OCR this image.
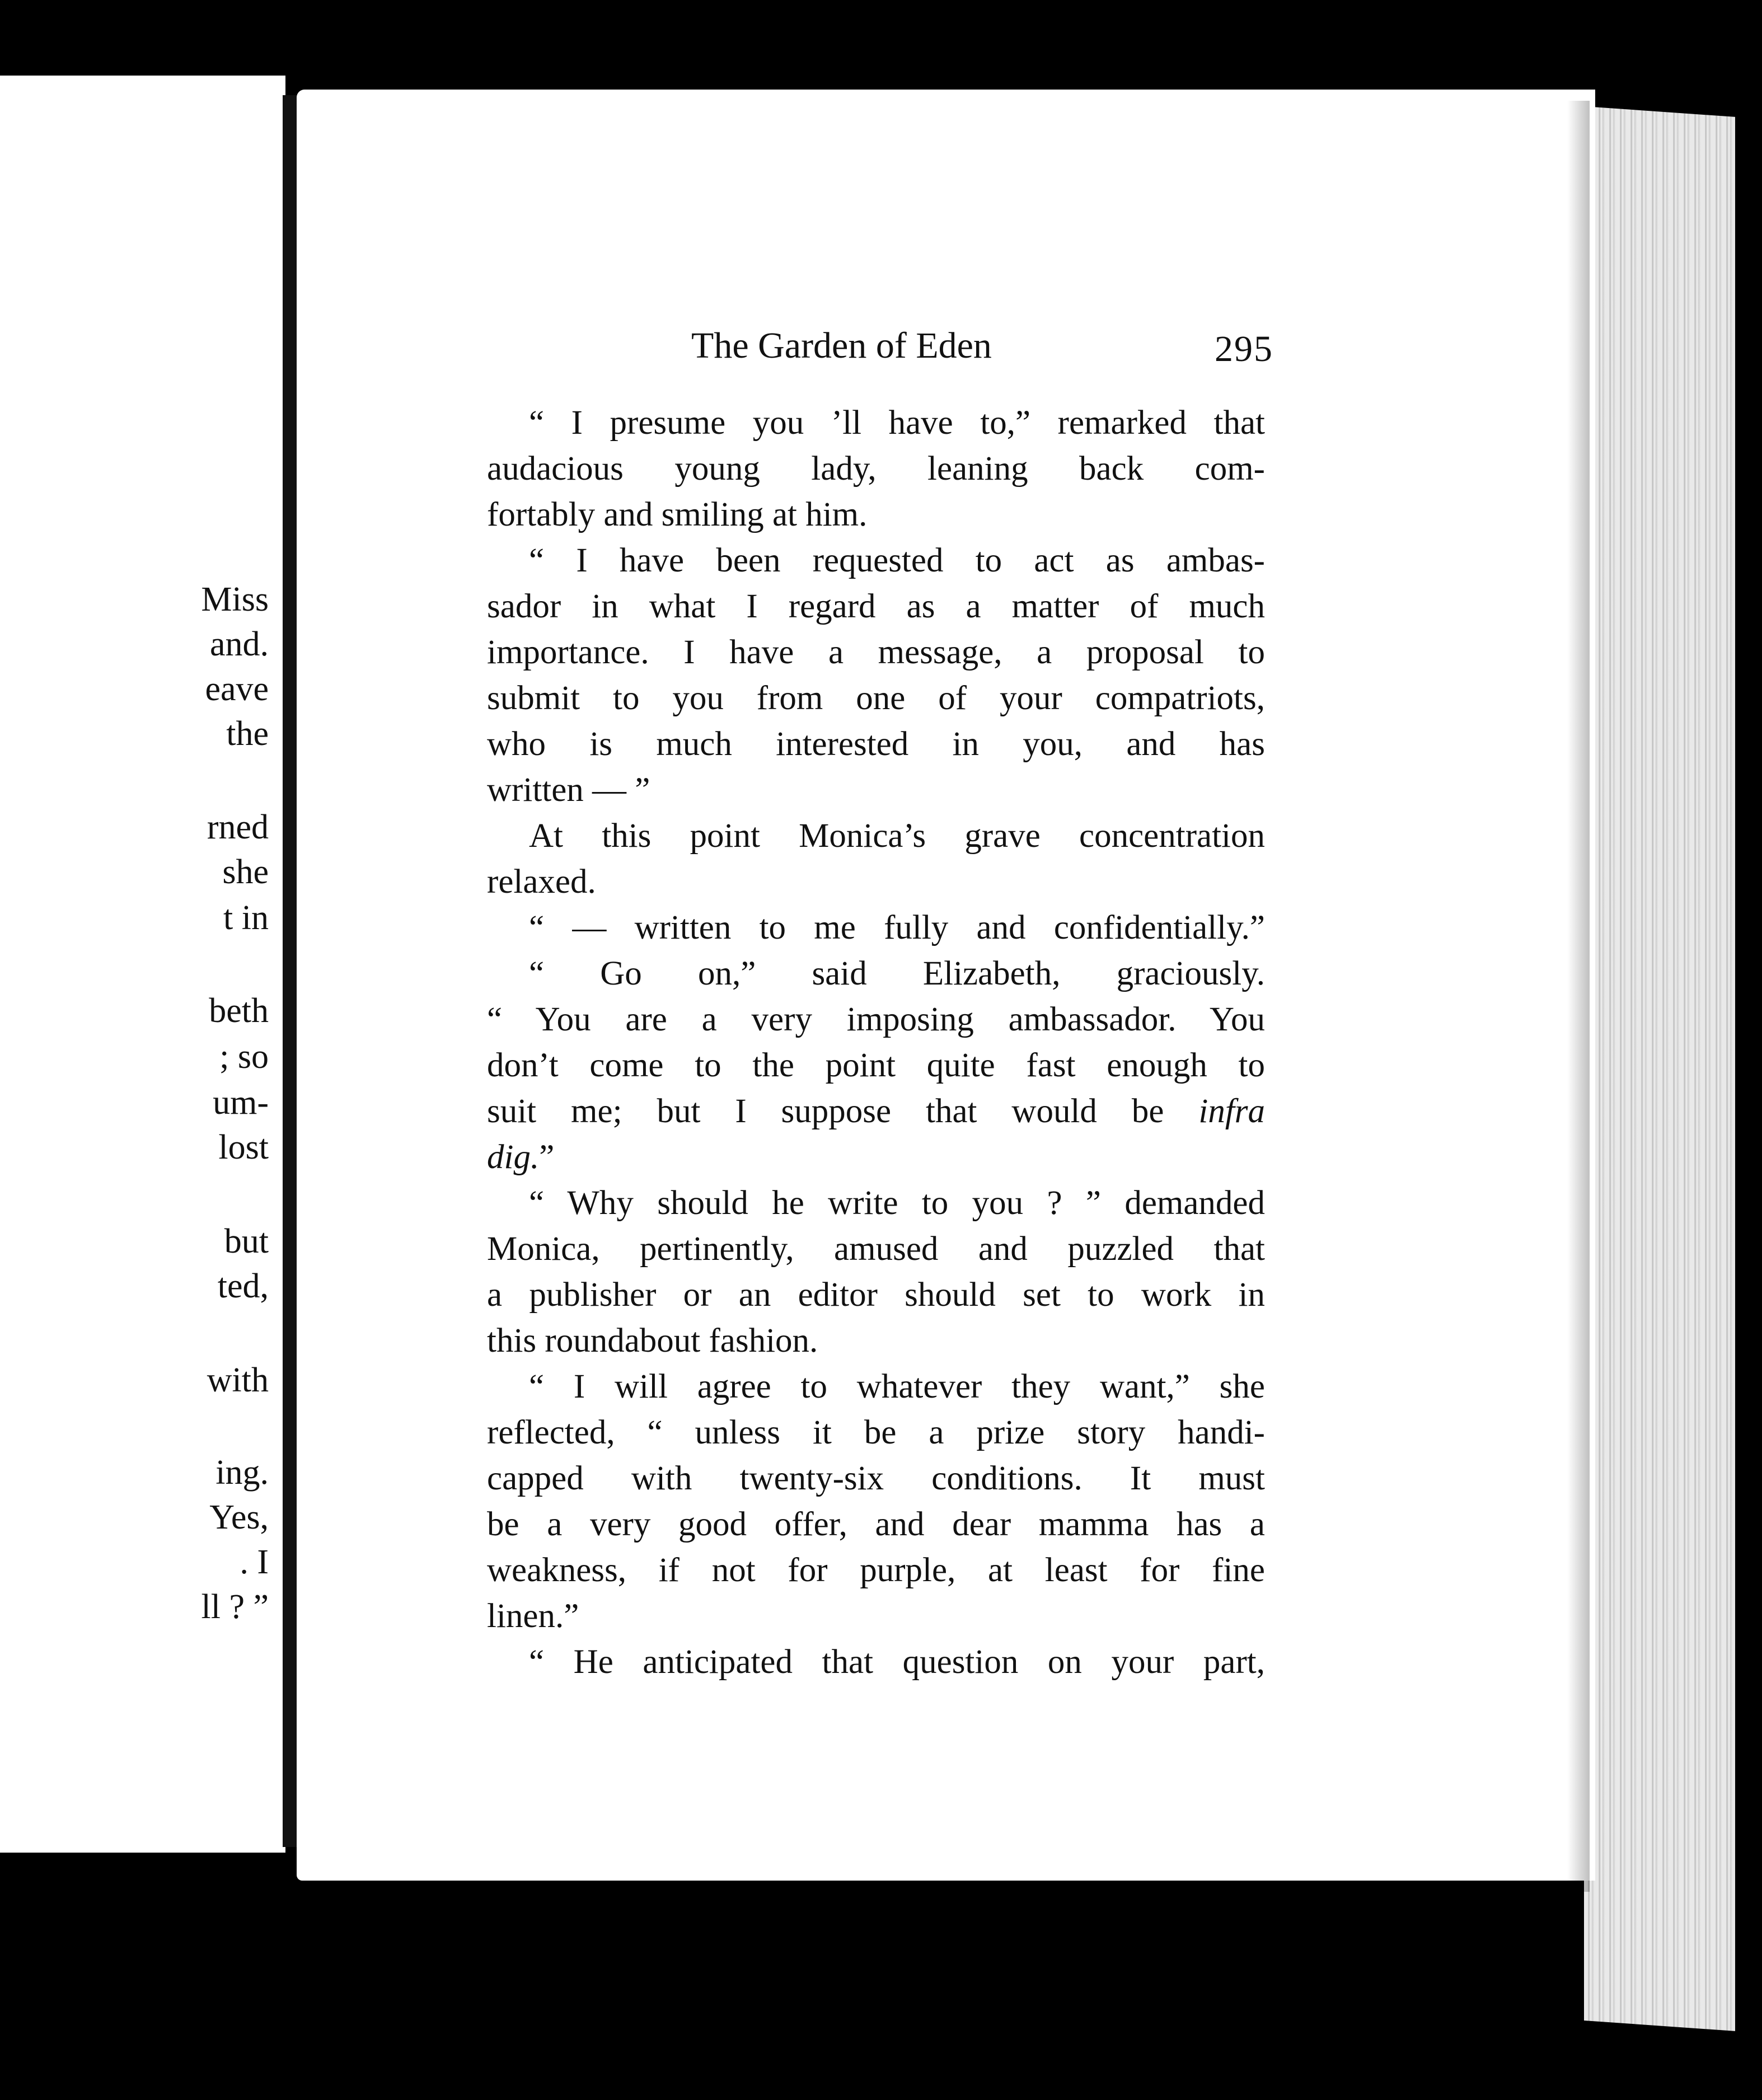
Miss
and.
eave
the
rned
she
t in
beth
; so
um-
lost
but
ted,
with
ing.
Yes,
. I
ll ? ”
The Garden of Eden	295
“ I presume you ’ll have to,” remarked that
audacious young lady, leaning back com-
fortably and smiling at him.
“ I have been requested to act as ambas-
sador in what I regard as a matter of much
importance. I have a message, a proposal to
submit to you from one of your compatriots,
who is much interested in you, and has
written — ”
At this point Monica’s grave concentration
relaxed.
“ — written to me fully and confidentially.”
“ Go on,” said Elizabeth, graciously.
“ You are a very imposing ambassador. You
don’t come to the point quite fast enough to
suit me; but I suppose that would be infra
dig.”
“ Why should he write to you ? ” demanded
Monica, pertinently, amused and puzzled that
a publisher or an editor should set to work in
this roundabout fashion.
“ I will agree to whatever they want,” she
reflected, “ unless it be a prize story handi-
capped with twenty-six conditions. It must
be a very good offer, and dear mamma has a
weakness, if not for purple, at least for fine
linen.”
“ He anticipated that question on your part,
